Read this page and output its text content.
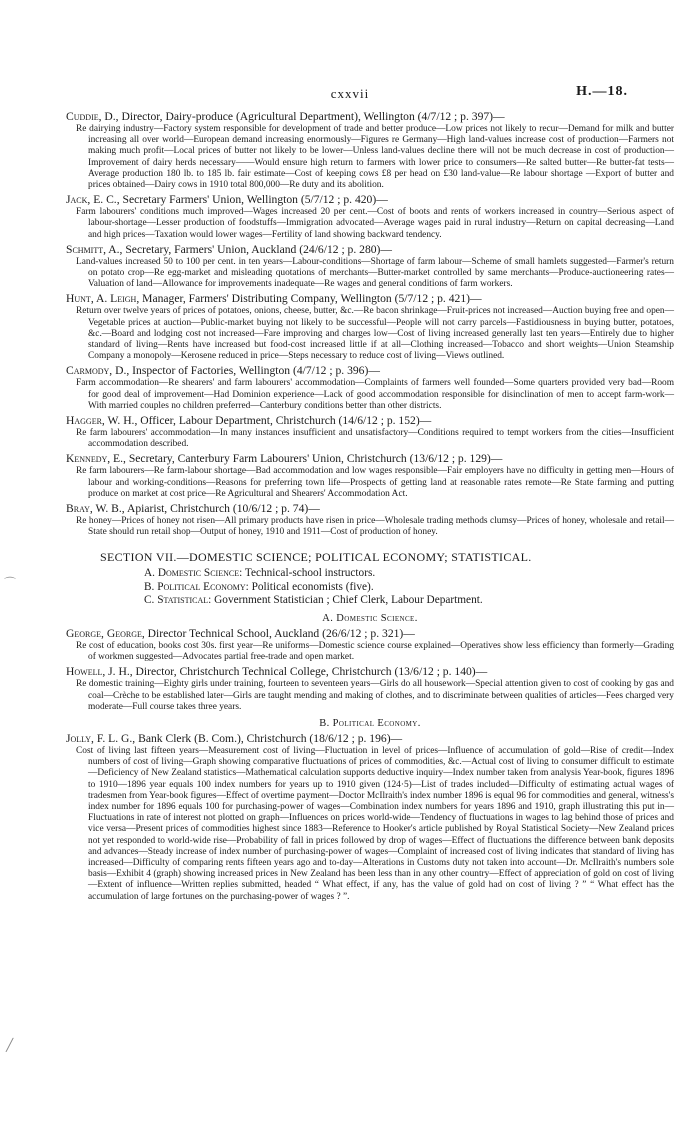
cxxvii	H.—18.
Cuddie, D., Director, Dairy-produce (Agricultural Department), Wellington (4/7/12 ; p. 397)—
Re dairying industry—Factory system responsible for development of trade and better produce—Low prices not likely to recur—Demand for milk and butter increasing all over world—European demand increasing enormously—Figures re Germany—High land-values increase cost of production—Farmers not making much profit—Local prices of butter not likely to be lower—Unless land-values decline there will not be much decrease in cost of production—Improvement of dairy herds necessary——Would ensure high return to farmers with lower price to consumers—Re salted butter—Re butter-fat tests—Average production 180 lb. to 185 lb. fair estimate—Cost of keeping cows £8 per head on £30 land-value—Re labour shortage —Export of butter and prices obtained—Dairy cows in 1910 total 800,000—Re duty and its abolition.
Jack, E. C., Secretary Farmers' Union, Wellington (5/7/12 ; p. 420)—
Farm labourers' conditions much improved—Wages increased 20 per cent.—Cost of boots and rents of workers increased in country—Serious aspect of labour-shortage—Lesser production of foodstuffs—Immigration advocated—Average wages paid in rural industry—Return on capital decreasing—Land and high prices—Taxation would lower wages—Fertility of land showing backward tendency.
Schmitt, A., Secretary, Farmers' Union, Auckland (24/6/12 ; p. 280)—
Land-values increased 50 to 100 per cent. in ten years—Labour-conditions—Shortage of farm labour—Scheme of small hamlets suggested—Farmer's return on potato crop—Re egg-market and misleading quotations of merchants—Butter-market controlled by same merchants—Produce-auctioneering rates—Valuation of land—Allowance for improvements inadequate—Re wages and general conditions of farm workers.
Hunt, A. Leigh, Manager, Farmers' Distributing Company, Wellington (5/7/12 ; p. 421)—
Return over twelve years of prices of potatoes, onions, cheese, butter, &c.—Re bacon shrinkage—Fruit-prices not increased—Auction buying free and open—Vegetable prices at auction—Public-market buying not likely to be successful—People will not carry parcels—Fastidiousness in buying butter, potatoes, &c.—Board and lodging cost not increased—Fare improving and charges low—Cost of living increased generally last ten years—Entirely due to higher standard of living—Rents have increased but food-cost increased little if at all—Clothing increased—Tobacco and short weights—Union Steamship Company a monopoly—Kerosene reduced in price—Steps necessary to reduce cost of living—Views outlined.
Carmody, D., Inspector of Factories, Wellington (4/7/12 ; p. 396)—
Farm accommodation—Re shearers' and farm labourers' accommodation—Complaints of farmers well founded—Some quarters provided very bad—Room for good deal of improvement—Had Dominion experience—Lack of good accommodation responsible for disinclination of men to accept farm-work—With married couples no children preferred—Canterbury conditions better than other districts.
Hagger, W. H., Officer, Labour Department, Christchurch (14/6/12 ; p. 152)—
Re farm labourers' accommodation—In many instances insufficient and unsatisfactory—Conditions required to tempt workers from the cities—Insufficient accommodation described.
Kennedy, E., Secretary, Canterbury Farm Labourers' Union, Christchurch (13/6/12 ; p. 129)—
Re farm labourers—Re farm-labour shortage—Bad accommodation and low wages responsible—Fair employers have no difficulty in getting men—Hours of labour and working-conditions—Reasons for preferring town life—Prospects of getting land at reasonable rates remote—Re State farming and putting produce on market at cost price—Re Agricultural and Shearers' Accommodation Act.
Bray, W. B., Apiarist, Christchurch (10/6/12 ; p. 74)—
Re honey—Prices of honey not risen—All primary products have risen in price—Wholesale trading methods clumsy—Prices of honey, wholesale and retail—State should run retail shop—Output of honey, 1910 and 1911—Cost of production of honey.
SECTION VII.—DOMESTIC SCIENCE; POLITICAL ECONOMY; STATISTICAL.
A. Domestic Science: Technical-school instructors.
B. Political Economy: Political economists (five).
C. Statistical: Government Statistician ; Chief Clerk, Labour Department.
A. Domestic Science.
George, George, Director Technical School, Auckland (26/6/12 ; p. 321)—
Re cost of education, books cost 30s. first year—Re uniforms—Domestic science course explained—Operatives show less efficiency than formerly—Grading of workmen suggested—Advocates partial free-trade and open market.
Howell, J. H., Director, Christchurch Technical College, Christchurch (13/6/12 ; p. 140)—
Re domestic training—Eighty girls under training, fourteen to seventeen years—Girls do all housework—Special attention given to cost of cooking by gas and coal—Crèche to be established later—Girls are taught mending and making of clothes, and to discriminate between qualities of articles—Fees charged very moderate—Full course takes three years.
B. Political Economy.
Jolly, F. L. G., Bank Clerk (B. Com.), Christchurch (18/6/12 ; p. 196)—
Cost of living last fifteen years—Measurement cost of living—Fluctuation in level of prices—Influence of accumulation of gold—Rise of credit—Index numbers of cost of living—Graph showing comparative fluctuations of prices of commodities, &c.—Actual cost of living to consumer difficult to estimate—Deficiency of New Zealand statistics—Mathematical calculation supports deductive inquiry—Index number taken from analysis Year-book, figures 1896 to 1910—1896 year equals 100 index numbers for years up to 1910 given (124·5)—List of trades included—Difficulty of estimating actual wages of tradesmen from Year-book figures—Effect of overtime payment—Doctor McIlraith's index number 1896 is equal 96 for commodities and general, witness's index number for 1896 equals 100 for purchasing-power of wages—Combination index numbers for years 1896 and 1910, graph illustrating this put in—Fluctuations in rate of interest not plotted on graph—Influences on prices world-wide—Tendency of fluctuations in wages to lag behind those of prices and vice versa—Present prices of commodities highest since 1883—Reference to Hooker's article published by Royal Statistical Society—New Zealand prices not yet responded to world-wide rise—Probability of fall in prices followed by drop of wages—Effect of fluctuations the difference between bank deposits and advances—Steady increase of index number of purchasing-power of wages—Complaint of increased cost of living indicates that standard of living has increased—Difficulty of comparing rents fifteen years ago and to-day—Alterations in Customs duty not taken into account—Dr. McIlraith's numbers sole basis—Exhibit 4 (graph) showing increased prices in New Zealand has been less than in any other country—Effect of appreciation of gold on cost of living—Extent of influence—Written replies submitted, headed “ What effect, if any, has the value of gold had on cost of living ? ” “ What effect has the accumulation of large fortunes on the purchasing-power of wages ? ”.
⌒
╱
